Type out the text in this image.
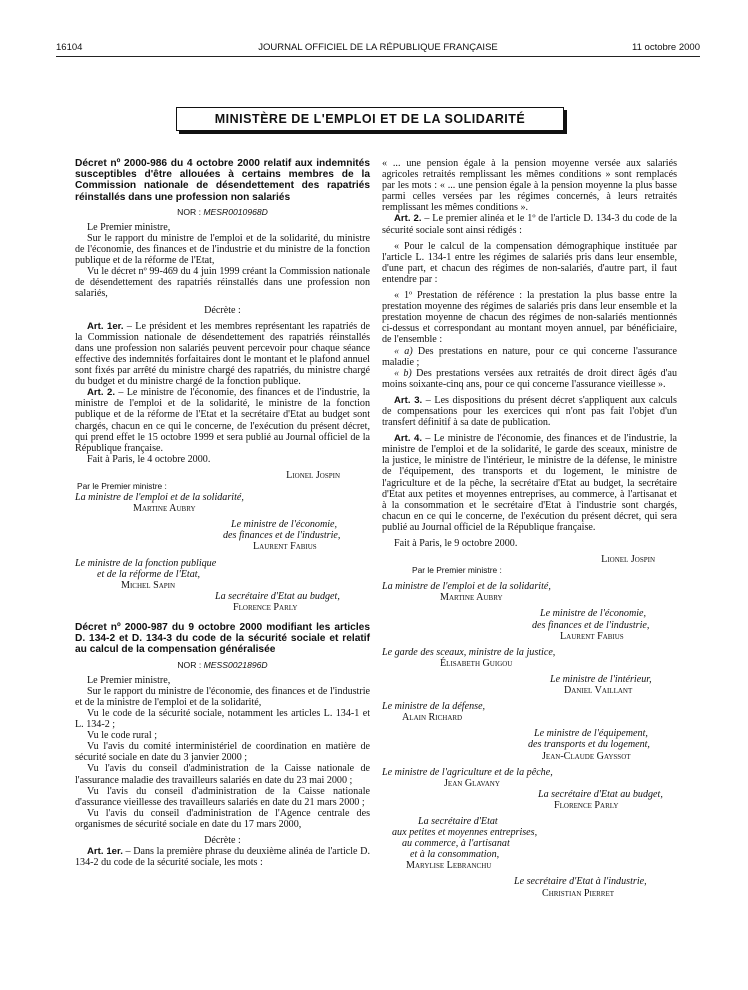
16104	JOURNAL OFFICIEL DE LA RÉPUBLIQUE FRANÇAISE	11 octobre 2000
MINISTÈRE DE L'EMPLOI ET DE LA SOLIDARITÉ

Décret nº 2000-986 du 4 octobre 2000 relatif aux indemnités susceptibles d'être allouées à certains membres de la Commission nationale de désendettement des rapatriés réinstallés dans une profession non salariés

NOR : MESR0010968D

Le Premier ministre,

Sur le rapport du ministre de l'emploi et de la solidarité, du ministre de l'économie, des finances et de l'industrie et du ministre de la fonction publique et de la réforme de l'Etat,

Vu le décret nº 99-469 du 4 juin 1999 créant la Commission nationale de désendettement des rapatriés réinstallés dans une profession non salariés,

Décrète :

Art. 1er. – Le président et les membres représentant les rapatriés de la Commission nationale de désendettement des rapatriés réinstallés dans une profession non salariés peuvent percevoir pour chaque séance effective des indemnités forfaitaires dont le montant et le plafond annuel sont fixés par arrêté du ministre chargé des rapatriés, du ministre chargé du budget et du ministre chargé de la fonction publique.

Art. 2. – Le ministre de l'économie, des finances et de l'industrie, la ministre de l'emploi et de la solidarité, le ministre de la fonction publique et de la réforme de l'Etat et la secrétaire d'Etat au budget sont chargés, chacun en ce qui le concerne, de l'exécution du présent décret, qui prend effet le 15 octobre 1999 et sera publié au Journal officiel de la République française.

Fait à Paris, le 4 octobre 2000.

Lionel Jospin

Par le Premier ministre :

La ministre de l'emploi et de la solidarité,

Martine Aubry

Le ministre de l'économie,

des finances et de l'industrie,

Laurent Fabius

Le ministre de la fonction publique

et de la réforme de l'Etat,

Michel Sapin

La secrétaire d'Etat au budget,

Florence Parly

Décret nº 2000-987 du 9 octobre 2000 modifiant les articles D. 134-2 et D. 134-3 du code de la sécurité sociale et relatif au calcul de la compensation généralisée

NOR : MESS0021896D

Le Premier ministre,

Sur le rapport du ministre de l'économie, des finances et de l'industrie et de la ministre de l'emploi et de la solidarité,

Vu le code de la sécurité sociale, notamment les articles L. 134-1 et L. 134-2 ;

Vu le code rural ;

Vu l'avis du comité interministériel de coordination en matière de sécurité sociale en date du 3 janvier 2000 ;

Vu l'avis du conseil d'administration de la Caisse nationale de l'assurance maladie des travailleurs salariés en date du 23 mai 2000 ;

Vu l'avis du conseil d'administration de la Caisse nationale d'assurance vieillesse des travailleurs salariés en date du 21 mars 2000 ;

Vu l'avis du conseil d'administration de l'Agence centrale des organismes de sécurité sociale en date du 17 mars 2000,

Décrète :

Art. 1er. – Dans la première phrase du deuxième alinéa de l'article D. 134-2 du code de la sécurité sociale, les mots :

« ... une pension égale à la pension moyenne versée aux salariés agricoles retraités remplissant les mêmes conditions » sont remplacés par les mots : « ... une pension égale à la pension moyenne la plus basse parmi celles versées par les régimes concernés, à leurs retraités remplissant les mêmes conditions ».

Art. 2. – Le premier alinéa et le 1º de l'article D. 134-3 du code de la sécurité sociale sont ainsi rédigés :

« Pour le calcul de la compensation démographique instituée par l'article L. 134-1 entre les régimes de salariés pris dans leur ensemble, d'une part, et chacun des régimes de non-salariés, d'autre part, il faut entendre par :

« 1º Prestation de référence : la prestation la plus basse entre la prestation moyenne des régimes de salariés pris dans leur ensemble et la prestation moyenne de chacun des régimes de non-salariés mentionnés ci-dessus et correspondant au montant moyen annuel, par bénéficiaire, de l'ensemble :

« a) Des prestations en nature, pour ce qui concerne l'assurance maladie ;

« b) Des prestations versées aux retraités de droit direct âgés d'au moins soixante-cinq ans, pour ce qui concerne l'assurance vieillesse ».

Art. 3. – Les dispositions du présent décret s'appliquent aux calculs de compensations pour les exercices qui n'ont pas fait l'objet d'un transfert définitif à sa date de publication.

Art. 4. – Le ministre de l'économie, des finances et de l'industrie, la ministre de l'emploi et de la solidarité, le garde des sceaux, ministre de la justice, le ministre de l'intérieur, le ministre de la défense, le ministre de l'équipement, des transports et du logement, le ministre de l'agriculture et de la pêche, la secrétaire d'Etat au budget, la secrétaire d'Etat aux petites et moyennes entreprises, au commerce, à l'artisanat et à la consommation et le secrétaire d'Etat à l'industrie sont chargés, chacun en ce qui le concerne, de l'exécution du présent décret, qui sera publié au Journal officiel de la République française.

Fait à Paris, le 9 octobre 2000.

Lionel Jospin

Par le Premier ministre :

La ministre de l'emploi et de la solidarité,

Martine Aubry

Le ministre de l'économie,

des finances et de l'industrie,

Laurent Fabius

Le garde des sceaux, ministre de la justice,

Élisabeth Guigou

Le ministre de l'intérieur,

Daniel Vaillant

Le ministre de la défense,

Alain Richard

Le ministre de l'équipement,

des transports et du logement,

Jean-Claude Gayssot

Le ministre de l'agriculture et de la pêche,

Jean Glavany

La secrétaire d'Etat au budget,

Florence Parly

La secrétaire d'Etat

aux petites et moyennes entreprises,

au commerce, à l'artisanat

et à la consommation,

Marylise Lebranchu

Le secrétaire d'Etat à l'industrie,

Christian Pierret
